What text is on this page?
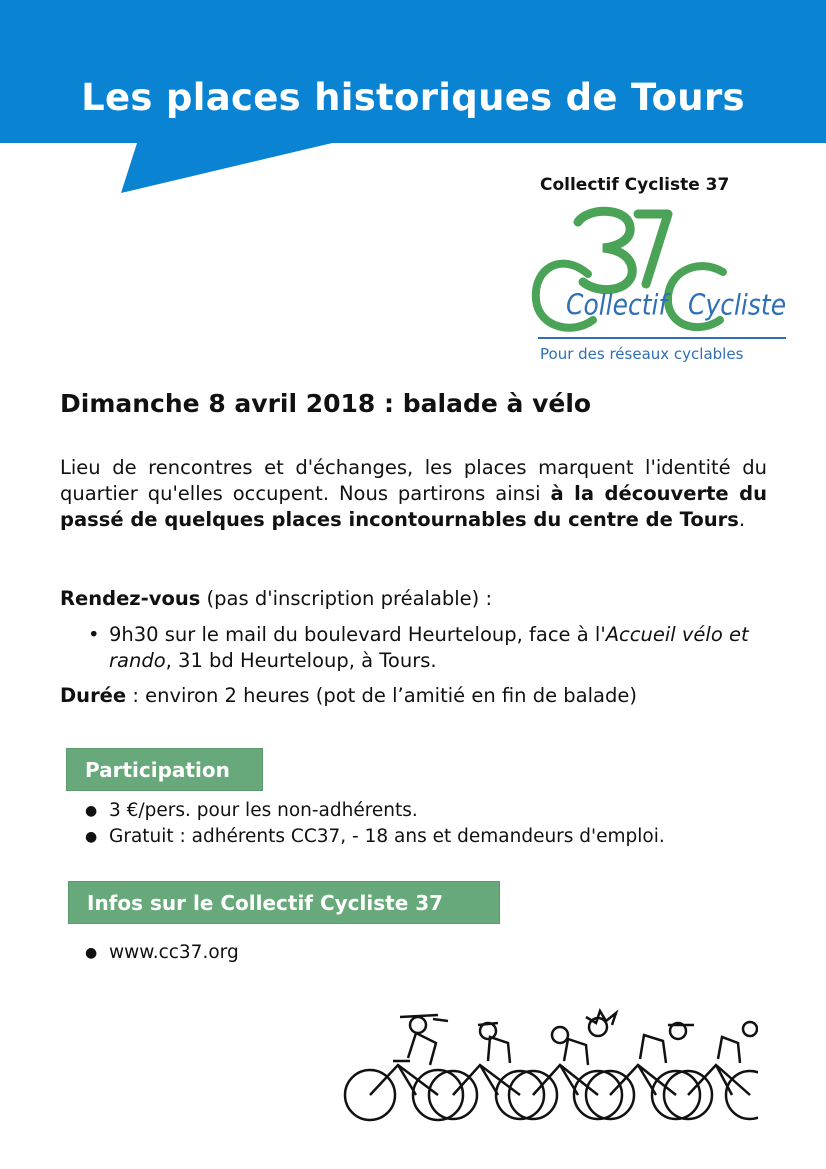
Les places historiques de Tours
Collectif Cycliste 37
Collectif Cycliste
Pour des réseaux cyclables
Dimanche 8 avril 2018 : balade à vélo
Lieu de rencontres et d'échanges, les places marquent l'identité du quartier qu'elles occupent. Nous partirons ainsi à la découverte du passé de quelques places incontournables du centre de Tours.
Rendez-vous (pas d'inscription préalable) :
• 9h30 sur le mail du boulevard Heurteloup, face à l'Accueil vélo et rando, 31 bd Heurteloup, à Tours.
Durée : environ 2 heures (pot de l’amitié en fin de balade)
Participation
● 3 €/pers. pour les non-adhérents.
● Gratuit : adhérents CC37, - 18 ans et demandeurs d'emploi.
Infos sur le Collectif Cycliste 37
● www.cc37.org
